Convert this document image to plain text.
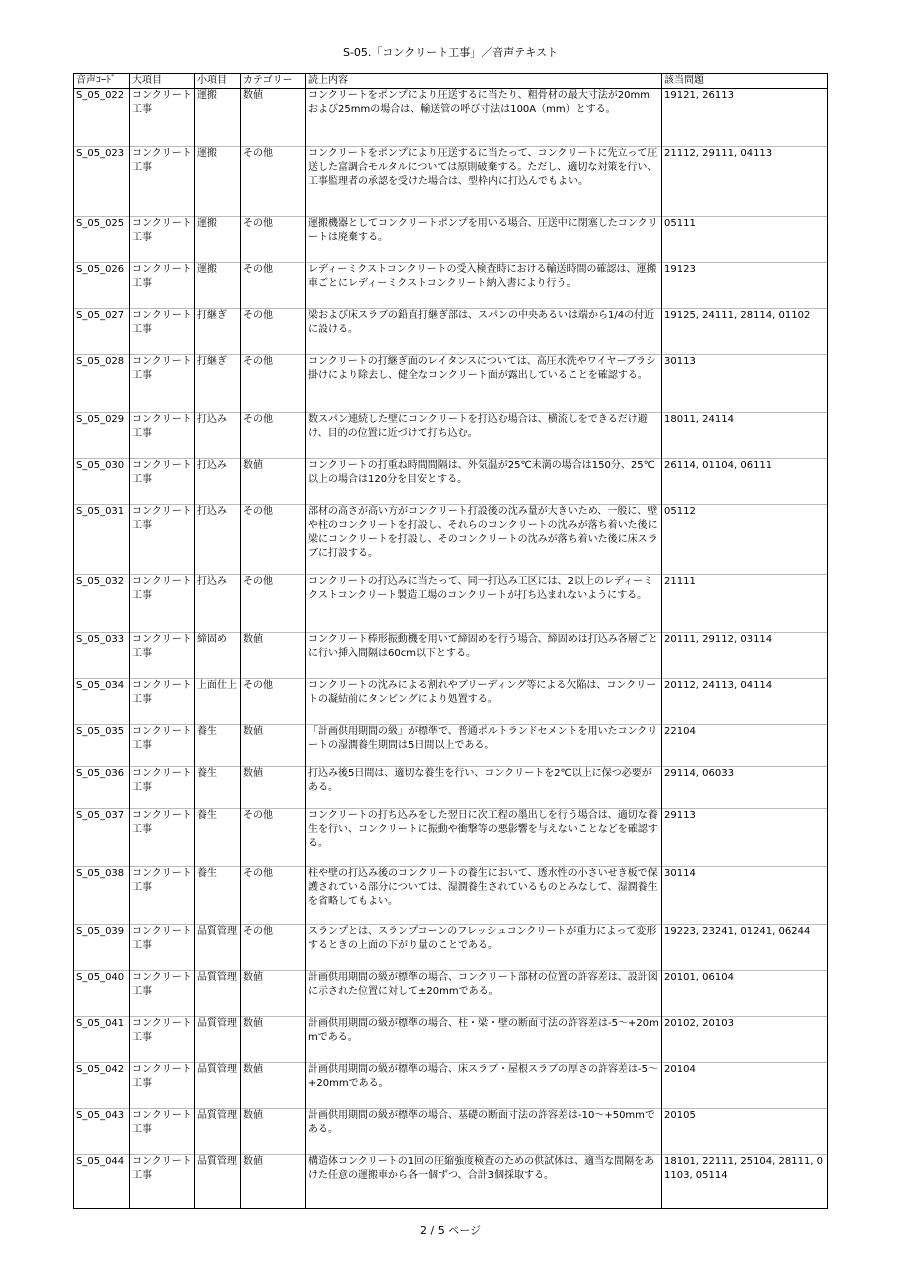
S-05.「コンクリート工事」／音声テキスト
音声ｺｰﾄﾞ	大項目	小項目	カテゴリー	読上内容	該当問題
S_05_022	コンクリート工事	運搬	数値	コンクリートをポンプにより圧送するに当たり、粗骨材の最大寸法が20mmおよび25mmの場合は、輸送管の呼び寸法は100A（mm）とする。	19121, 26113
S_05_023	コンクリート工事	運搬	その他	コンクリートをポンプにより圧送するに当たって、コンクリートに先立って圧送した富調合モルタルについては原則破棄する。ただし、適切な対策を行い、工事監理者の承認を受けた場合は、型枠内に打込んでもよい。	21112, 29111, 04113
S_05_025	コンクリート工事	運搬	その他	運搬機器としてコンクリートポンプを用いる場合、圧送中に閉塞したコンクリートは廃棄する。	05111
S_05_026	コンクリート工事	運搬	その他	レディーミクストコンクリートの受入検査時における輸送時間の確認は、運搬車ごとにレディーミクストコンクリート納入書により行う。	19123
S_05_027	コンクリート工事	打継ぎ	その他	梁および床スラブの鉛直打継ぎ部は、スパンの中央あるいは端から1/4の付近に設ける。	19125, 24111, 28114, 01102
S_05_028	コンクリート工事	打継ぎ	その他	コンクリートの打継ぎ面のレイタンスについては、高圧水洗やワイヤーブラシ掛けにより除去し、健全なコンクリート面が露出していることを確認する。	30113
S_05_029	コンクリート工事	打込み	その他	数スパン連続した壁にコンクリートを打込む場合は、横流しをできるだけ避け、目的の位置に近づけて打ち込む。	18011, 24114
S_05_030	コンクリート工事	打込み	数値	コンクリートの打重ね時間間隔は、外気温が25℃未満の場合は150分、25℃以上の場合は120分を目安とする。	26114, 01104, 06111
S_05_031	コンクリート工事	打込み	その他	部材の高さが高い方がコンクリート打設後の沈み量が大きいため、一般に、壁や柱のコンクリートを打設し、それらのコンクリートの沈みが落ち着いた後に梁にコンクリートを打設し、そのコンクリートの沈みが落ち着いた後に床スラブに打設する。	05112
S_05_032	コンクリート工事	打込み	その他	コンクリートの打込みに当たって、同一打込み工区には、2以上のレディーミクストコンクリート製造工場のコンクリートが打ち込まれないようにする。	21111
S_05_033	コンクリート工事	締固め	数値	コンクリート棒形振動機を用いて締固めを行う場合、締固めは打込み各層ごとに行い挿入間隔は60cm以下とする。	20111, 29112, 03114
S_05_034	コンクリート工事	上面仕上	その他	コンクリートの沈みによる割れやブリーディング等による欠陥は、コンクリートの凝結前にタンピングにより処置する。	20112, 24113, 04114
S_05_035	コンクリート工事	養生	数値	「計画供用期間の級」が標準で、普通ポルトランドセメントを用いたコンクリートの湿潤養生期間は5日間以上である。	22104
S_05_036	コンクリート工事	養生	数値	打込み後5日間は、適切な養生を行い、コンクリートを2℃以上に保つ必要がある。	29114, 06033
S_05_037	コンクリート工事	養生	その他	コンクリートの打ち込みをした翌日に次工程の墨出しを行う場合は、適切な養生を行い、コンクリートに振動や衝撃等の悪影響を与えないことなどを確認する。	29113
S_05_038	コンクリート工事	養生	その他	柱や壁の打込み後のコンクリートの養生において、透水性の小さいせき板で保護されている部分については、湿潤養生されているものとみなして、湿潤養生を省略してもよい。	30114
S_05_039	コンクリート工事	品質管理	その他	スランプとは、スランプコーンのフレッシュコンクリートが重力によって変形するときの上面の下がり量のことである。	19223, 23241, 01241, 06244
S_05_040	コンクリート工事	品質管理	数値	計画供用期間の級が標準の場合、コンクリート部材の位置の許容差は、設計図に示された位置に対して±20mmである。	20101, 06104
S_05_041	コンクリート工事	品質管理	数値	計画供用期間の級が標準の場合、柱・梁・壁の断面寸法の許容差は-5～+20mmである。	20102, 20103
S_05_042	コンクリート工事	品質管理	数値	計画供用期間の級が標準の場合、床スラブ・屋根スラブの厚さの許容差は-5～+20mmである。	20104
S_05_043	コンクリート工事	品質管理	数値	計画供用期間の級が標準の場合、基礎の断面寸法の許容差は-10～+50mmである。	20105
S_05_044	コンクリート工事	品質管理	数値	構造体コンクリートの1回の圧縮強度検査のための供試体は、適当な間隔をあけた任意の運搬車から各一個ずつ、合計3個採取する。	18101, 22111, 25104, 28111, 01103, 05114
2 / 5 ページ
